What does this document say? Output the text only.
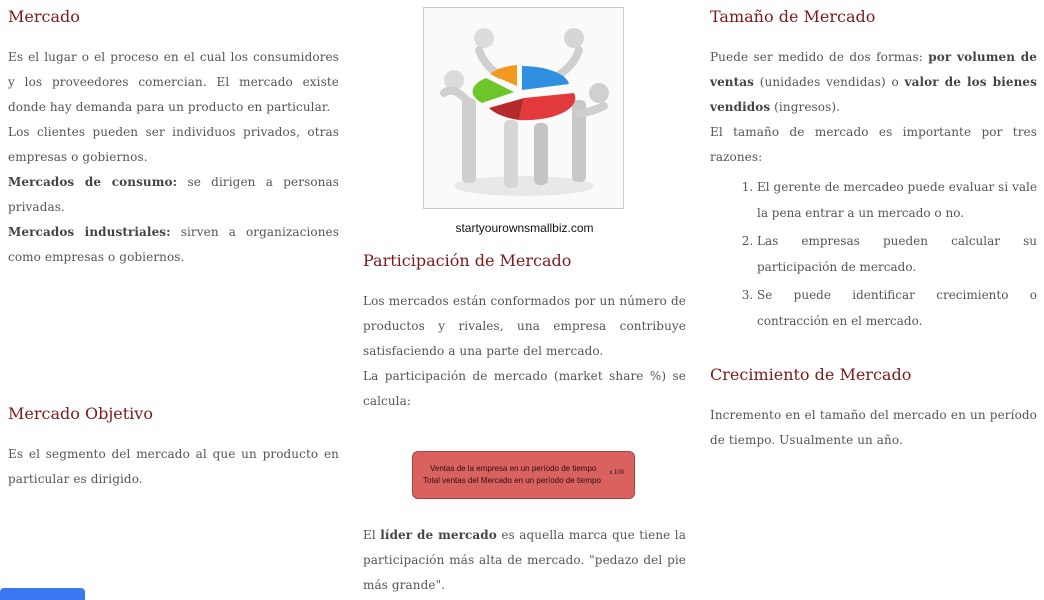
Mercado

Es el lugar o el proceso en el cual los consumidores y los proveedores comercian. El mercado existe donde hay demanda para un producto en particular.

Los clientes pueden ser individuos privados, otras empresas o gobiernos.

Mercados de consumo: se dirigen a personas privadas.

Mercados industriales: sirven a organizaciones como empresas o gobiernos.

Mercado Objetivo

Es el segmento del mercado al que un producto en particular es dirigido.

startyourownsmallbiz.com
Participación de Mercado

Los mercados están conformados por un número de productos y rivales, una empresa contribuye satisfaciendo a una parte del mercado.

La participación de mercado (market share %) se calcula:

Ventas de la empresa en un período de tiempo
Total ventas del Mercado en un período de tiempo
x 100

El líder de mercado es aquella marca que tiene la participación más alta de mercado. "pedazo del pie más grande".

Tamaño de Mercado

Puede ser medido de dos formas: por volumen de ventas (unidades vendidas) o valor de los bienes vendidos (ingresos).

El tamaño de mercado es importante por tres razones:

1. El gerente de mercadeo puede evaluar si vale la pena entrar a un mercado o no.
2. Las empresas pueden calcular su participación de mercado.
3. Se puede identificar crecimiento o contracción en el mercado.
Crecimiento de Mercado

Incremento en el tamaño del mercado en un período de tiempo. Usualmente un año.
